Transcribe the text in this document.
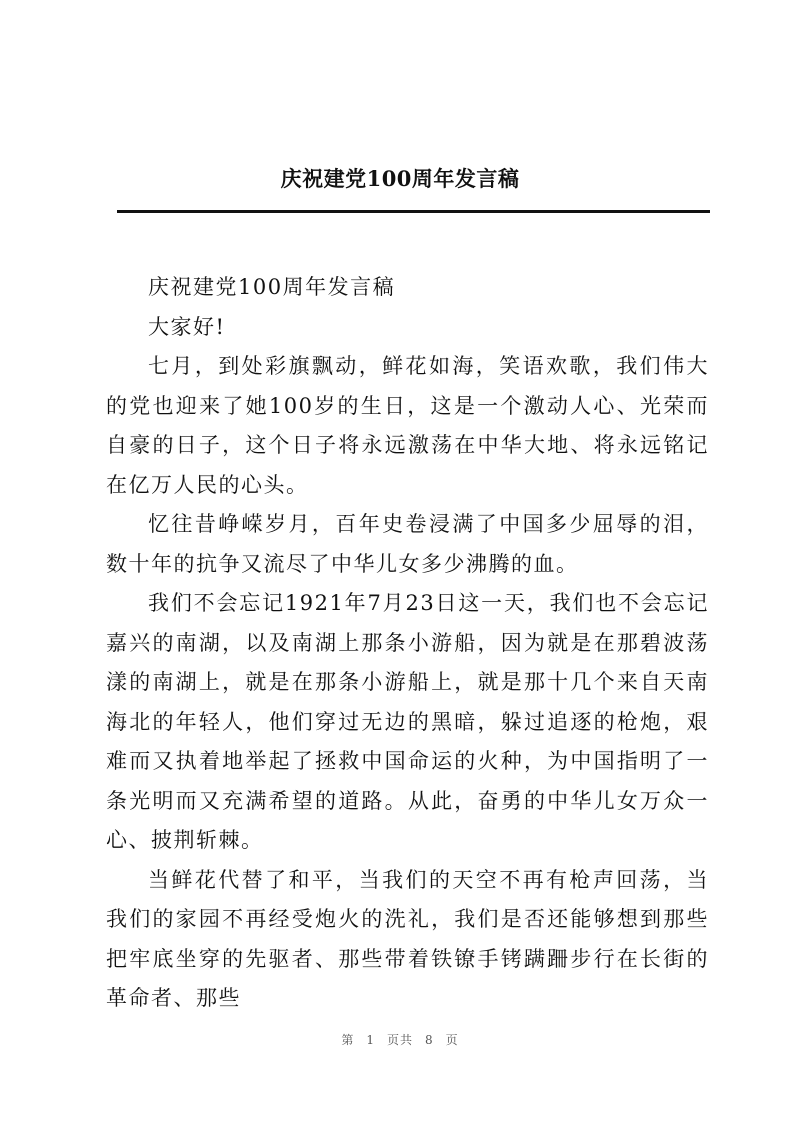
庆祝建党100周年发言稿

庆祝建党100周年发言稿

大家好!

七月，到处彩旗飘动，鲜花如海，笑语欢歌，我们伟大的党也迎来了她100岁的生日，这是一个激动人心、光荣而自豪的日子，这个日子将永远激荡在中华大地、将永远铭记在亿万人民的心头。

忆往昔峥嵘岁月，百年史卷浸满了中国多少屈辱的泪，数十年的抗争又流尽了中华儿女多少沸腾的血。

我们不会忘记1921年7月23日这一天，我们也不会忘记嘉兴的南湖，以及南湖上那条小游船，因为就是在那碧波荡漾的南湖上，就是在那条小游船上，就是那十几个来自天南海北的年轻人，他们穿过无边的黑暗，躲过追逐的枪炮，艰难而又执着地举起了拯救中国命运的火种，为中国指明了一条光明而又充满希望的道路。从此，奋勇的中华儿女万众一心、披荆斩棘。

当鲜花代替了和平，当我们的天空不再有枪声回荡，当我们的家园不再经受炮火的洗礼，我们是否还能够想到那些把牢底坐穿的先驱者、那些带着铁镣手铐蹒跚步行在长街的革命者、那些

第 1 页共 8 页
